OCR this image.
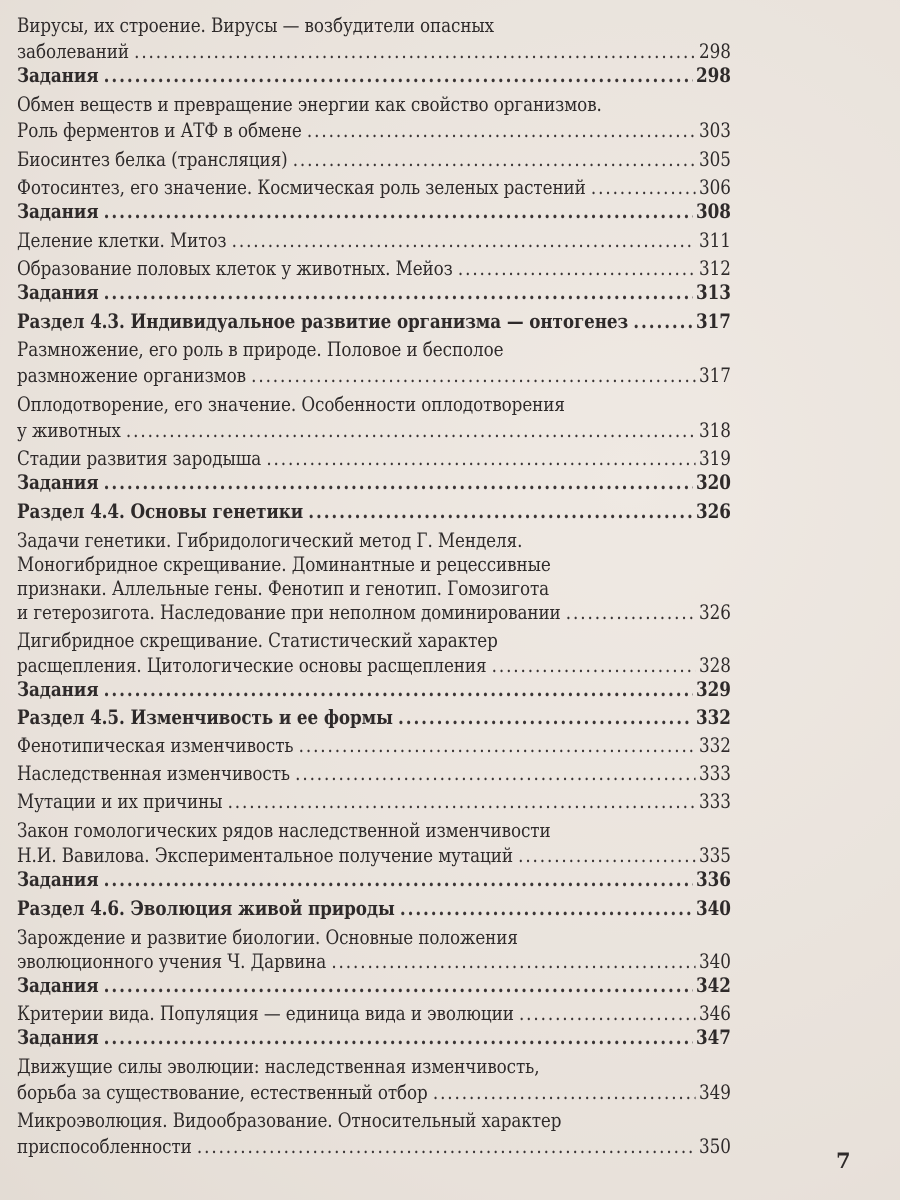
Вирусы, их строение. Вирусы — возбудители опасных
заболеваний .....	298
Задания .....	298
Обмен веществ и превращение энергии как свойство организмов.
Роль ферментов и АТФ в обмене .....	303
Биосинтез белка (трансляция) .....	305
Фотосинтез, его значение. Космическая роль зеленых растений .....	306
Задания .....	308
Деление клетки. Митоз .....	311
Образование половых клеток у животных. Мейоз .....	312
Задания .....	313
Раздел 4.3. Индивидуальное развитие организма — онтогенез .....	317
Размножение, его роль в природе. Половое и бесполое
размножение организмов .....	317
Оплодотворение, его значение. Особенности оплодотворения
у животных .....	318
Стадии развития зародыша .....	319
Задания .....	320
Раздел 4.4. Основы генетики .....	326
Задачи генетики. Гибридологический метод Г. Менделя.
Моногибридное скрещивание. Доминантные и рецессивные
признаки. Аллельные гены. Фенотип и генотип. Гомозигота
и гетерозигота. Наследование при неполном доминировании .....	326
Дигибридное скрещивание. Статистический характер
расщепления. Цитологические основы расщепления .....	328
Задания .....	329
Раздел 4.5. Изменчивость и ее формы .....	332
Фенотипическая изменчивость .....	332
Наследственная изменчивость .....	333
Мутации и их причины .....	333
Закон гомологических рядов наследственной изменчивости
Н.И. Вавилова. Экспериментальное получение мутаций .....	335
Задания .....	336
Раздел 4.6. Эволюция живой природы .....	340
Зарождение и развитие биологии. Основные положения
эволюционного учения Ч. Дарвина .....	340
Задания .....	342
Критерии вида. Популяция — единица вида и эволюции .....	346
Задания .....	347
Движущие силы эволюции: наследственная изменчивость,
борьба за существование, естественный отбор .....	349
Микроэволюция. Видообразование. Относительный характер
приспособленности .....	350
7
